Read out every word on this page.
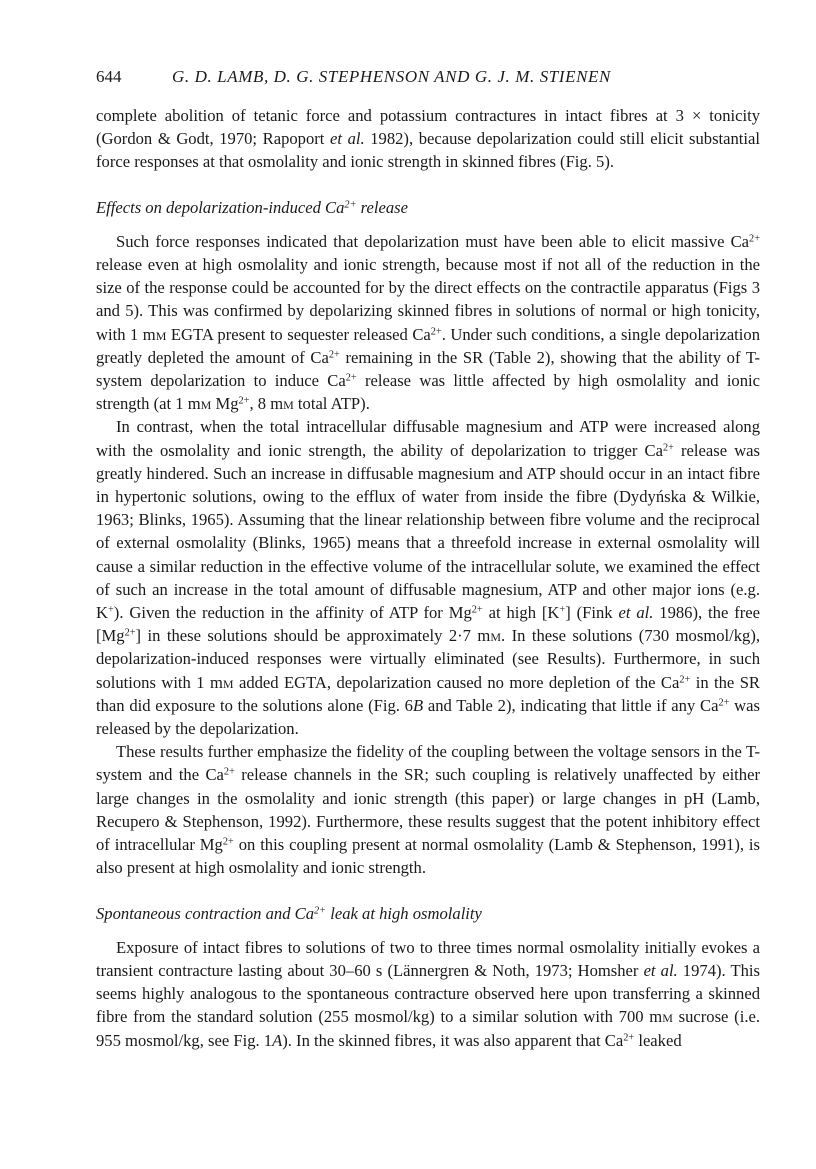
644	G. D. LAMB, D. G. STEPHENSON AND G. J. M. STIENEN

complete abolition of tetanic force and potassium contractures in intact fibres at 3 × tonicity (Gordon & Godt, 1970; Rapoport et al. 1982), because depolarization could still elicit substantial force responses at that osmolality and ionic strength in skinned fibres (Fig. 5).

Effects on depolarization-induced $Ca^{2+}$ release

Such force responses indicated that depolarization must have been able to elicit massive $Ca^{2+}$ release even at high osmolality and ionic strength, because most if not all of the reduction in the size of the response could be accounted for by the direct effects on the contractile apparatus (Figs 3 and 5). This was confirmed by depolarizing skinned fibres in solutions of normal or high tonicity, with 1 mm EGTA present to sequester released $Ca^{2+}$. Under such conditions, a single depolarization greatly depleted the amount of $Ca^{2+}$ remaining in the SR (Table 2), showing that the ability of T-system depolarization to induce $Ca^{2+}$ release was little affected by high osmolality and ionic strength (at 1 mm $Mg^{2+}$, 8 mm total ATP).

In contrast, when the total intracellular diffusable magnesium and ATP were increased along with the osmolality and ionic strength, the ability of depolarization to trigger $Ca^{2+}$ release was greatly hindered. Such an increase in diffusable magnesium and ATP should occur in an intact fibre in hypertonic solutions, owing to the efflux of water from inside the fibre (Dydyńska & Wilkie, 1963; Blinks, 1965). Assuming that the linear relationship between fibre volume and the reciprocal of external osmolality (Blinks, 1965) means that a threefold increase in external osmolality will cause a similar reduction in the effective volume of the intracellular solute, we examined the effect of such an increase in the total amount of diffusable magnesium, ATP and other major ions (e.g. K+). Given the reduction in the affinity of ATP for $Mg^{2+}$ at high [K+] (Fink et al. 1986), the free $[Mg^{2+}]$ in these solutions should be approximately 2·7 mm. In these solutions (730 mosmol/kg), depolarization-induced responses were virtually eliminated (see Results). Furthermore, in such solutions with 1 mm added EGTA, depolarization caused no more depletion of the $Ca^{2+}$ in the SR than did exposure to the solutions alone (Fig. 6B and Table 2), indicating that little if any $Ca^{2+}$ was released by the depolarization.

These results further emphasize the fidelity of the coupling between the voltage sensors in the T-system and the $Ca^{2+}$ release channels in the SR; such coupling is relatively unaffected by either large changes in the osmolality and ionic strength (this paper) or large changes in pH (Lamb, Recupero & Stephenson, 1992). Furthermore, these results suggest that the potent inhibitory effect of intracellular $Mg^{2+}$ on this coupling present at normal osmolality (Lamb & Stephenson, 1991), is also present at high osmolality and ionic strength.

Spontaneous contraction and $Ca^{2+}$ leak at high osmolality

Exposure of intact fibres to solutions of two to three times normal osmolality initially evokes a transient contracture lasting about 30–60 s (Lännergren & Noth, 1973; Homsher et al. 1974). This seems highly analogous to the spontaneous contracture observed here upon transferring a skinned fibre from the standard solution (255 mosmol/kg) to a similar solution with 700 mm sucrose (i.e. 955 mosmol/kg, see Fig. 1A). In the skinned fibres, it was also apparent that $Ca^{2+}$ leaked
